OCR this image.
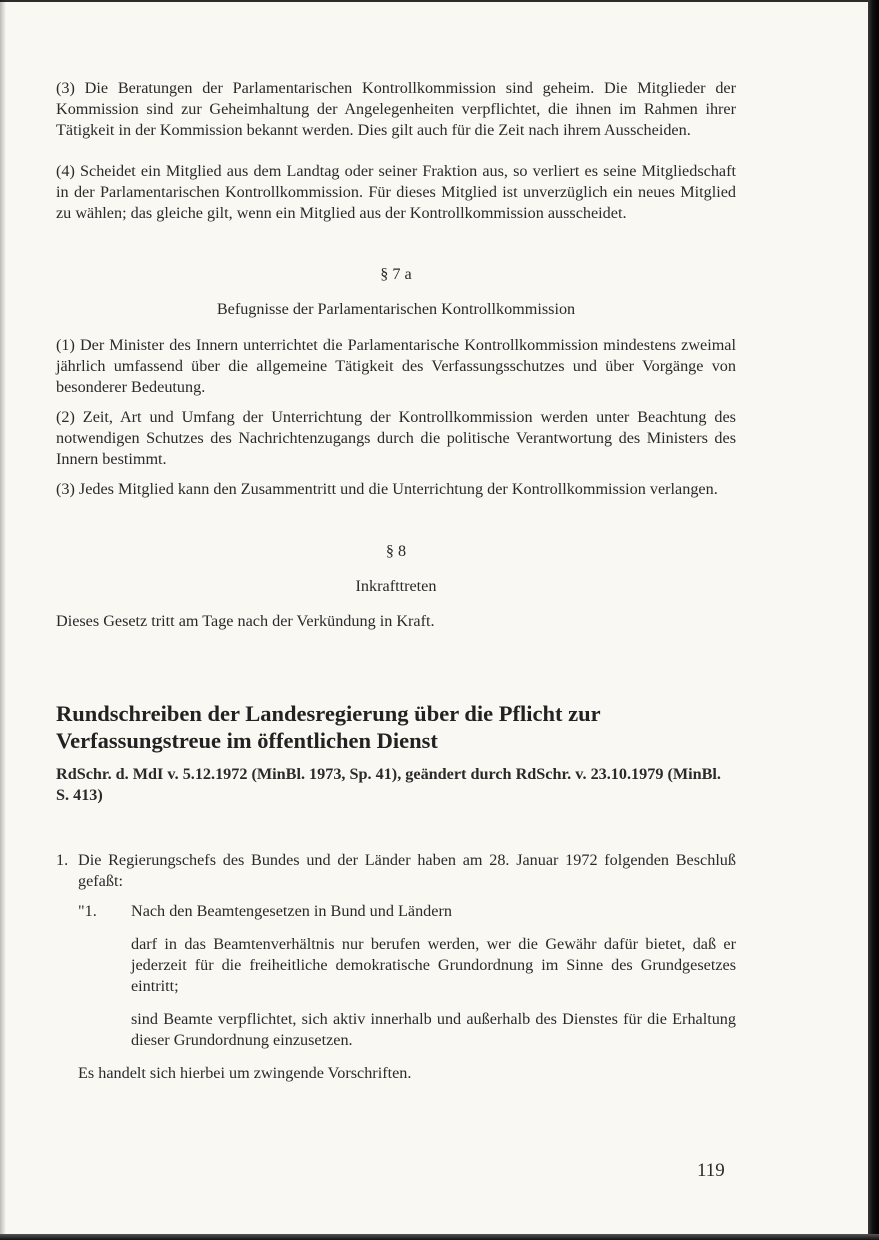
(3) Die Beratungen der Parlamentarischen Kontrollkommission sind geheim. Die Mitglieder der Kommission sind zur Geheimhaltung der Angelegenheiten verpflichtet, die ihnen im Rahmen ihrer Tätigkeit in der Kommission bekannt werden. Dies gilt auch für die Zeit nach ihrem Ausscheiden.

(4) Scheidet ein Mitglied aus dem Landtag oder seiner Fraktion aus, so verliert es seine Mitgliedschaft in der Parlamentarischen Kontrollkommission. Für dieses Mitglied ist unverzüglich ein neues Mitglied zu wählen; das gleiche gilt, wenn ein Mitglied aus der Kontrollkommission ausscheidet.

§ 7 a
Befugnisse der Parlamentarischen Kontrollkommission

(1) Der Minister des Innern unterrichtet die Parlamentarische Kontrollkommission mindestens zweimal jährlich umfassend über die allgemeine Tätigkeit des Verfassungsschutzes und über Vorgänge von besonderer Bedeutung.

(2) Zeit, Art und Umfang der Unterrichtung der Kontrollkommission werden unter Beachtung des notwendigen Schutzes des Nachrichtenzugangs durch die politische Verantwortung des Ministers des Innern bestimmt.

(3) Jedes Mitglied kann den Zusammentritt und die Unterrichtung der Kontrollkommission verlangen.

§ 8
Inkrafttreten

Dieses Gesetz tritt am Tage nach der Verkündung in Kraft.

Rundschreiben der Landesregierung über die Pflicht zur
Verfassungstreue im öffentlichen Dienst

RdSchr. d. MdI v. 5.12.1972 (MinBl. 1973, Sp. 41), geändert durch RdSchr. v. 23.10.1979 (MinBl. S. 413)

1. Die Regierungschefs des Bundes und der Länder haben am 28. Januar 1972 folgenden Beschluß gefaßt:

"1. Nach den Beamtengesetzen in Bund und Ländern

darf in das Beamtenverhältnis nur berufen werden, wer die Gewähr dafür bietet, daß er jederzeit für die freiheitliche demokratische Grundordnung im Sinne des Grundgesetzes eintritt;

sind Beamte verpflichtet, sich aktiv innerhalb und außerhalb des Dienstes für die Erhaltung dieser Grundordnung einzusetzen.

Es handelt sich hierbei um zwingende Vorschriften.

119
